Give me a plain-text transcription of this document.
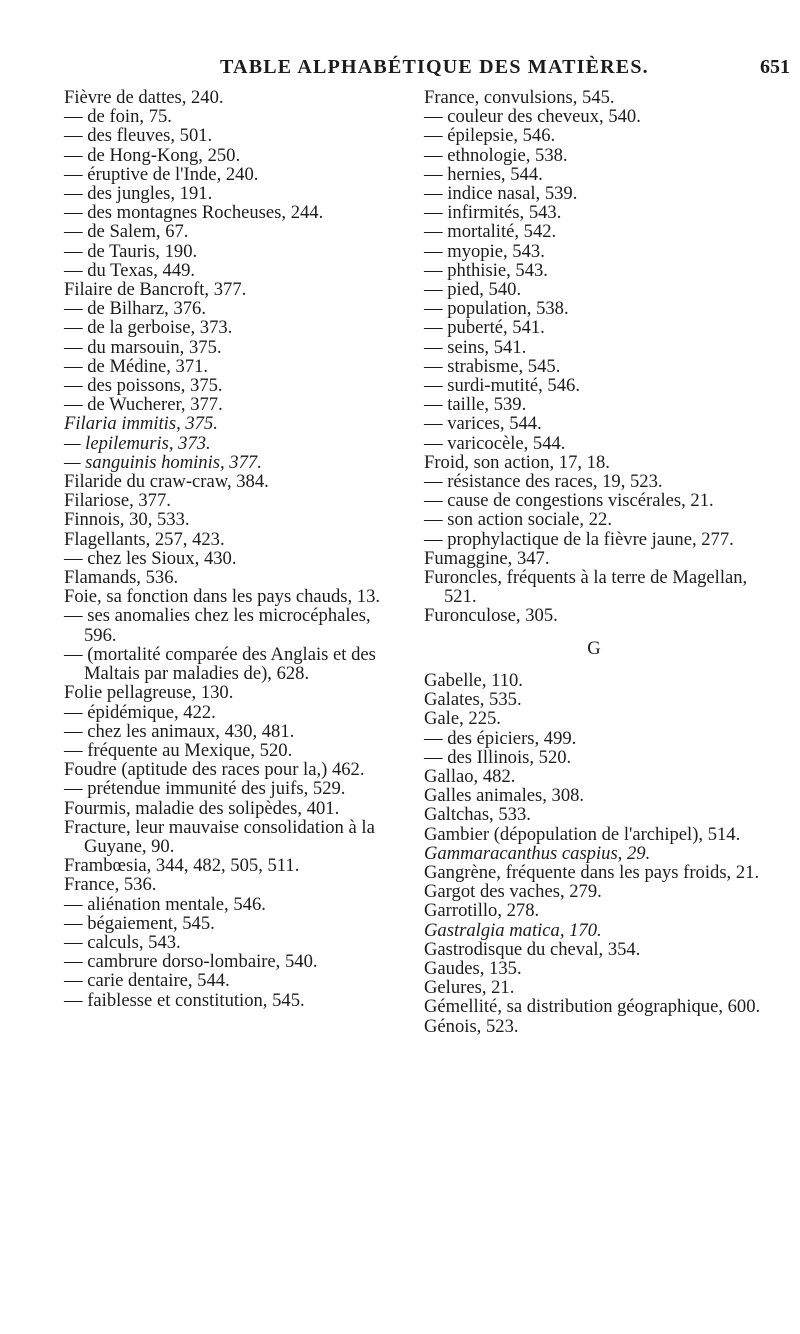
TABLE ALPHABÉTIQUE DES MATIÈRES.	651

Fièvre de dattes, 240.

— de foin, 75.

— des fleuves, 501.

— de Hong-Kong, 250.

— éruptive de l'Inde, 240.

— des jungles, 191.

— des montagnes Rocheuses, 244.

— de Salem, 67.

— de Tauris, 190.

— du Texas, 449.

Filaire de Bancroft, 377.

— de Bilharz, 376.

— de la gerboise, 373.

— du marsouin, 375.

— de Médine, 371.

— des poissons, 375.

— de Wucherer, 377.

Filaria immitis, 375.

— lepilemuris, 373.

— sanguinis hominis, 377.

Filaride du craw-craw, 384.

Filariose, 377.

Finnois, 30, 533.

Flagellants, 257, 423.

— chez les Sioux, 430.

Flamands, 536.

Foie, sa fonction dans les pays chauds, 13.

— ses anomalies chez les microcéphales, 596.

— (mortalité comparée des Anglais et des Maltais par maladies de), 628.

Folie pellagreuse, 130.

— épidémique, 422.

— chez les animaux, 430, 481.

— fréquente au Mexique, 520.

Foudre (aptitude des races pour la,) 462.

— prétendue immunité des juifs, 529.

Fourmis, maladie des solipèdes, 401.

Fracture, leur mauvaise consolidation à la Guyane, 90.

Frambœsia, 344, 482, 505, 511.

France, 536.

— aliénation mentale, 546.

— bégaiement, 545.

— calculs, 543.

— cambrure dorso-lombaire, 540.

— carie dentaire, 544.

— faiblesse et constitution, 545.

France, convulsions, 545.

— couleur des cheveux, 540.

— épilepsie, 546.

— ethnologie, 538.

— hernies, 544.

— indice nasal, 539.

— infirmités, 543.

— mortalité, 542.

— myopie, 543.

— phthisie, 543.

— pied, 540.

— population, 538.

— puberté, 541.

— seins, 541.

— strabisme, 545.

— surdi-mutité, 546.

— taille, 539.

— varices, 544.

— varicocèle, 544.

Froid, son action, 17, 18.

— résistance des races, 19, 523.

— cause de congestions viscérales, 21.

— son action sociale, 22.

— prophylactique de la fièvre jaune, 277.

Fumaggine, 347.

Furoncles, fréquents à la terre de Magellan, 521.

Furonculose, 305.

G

Gabelle, 110.

Galates, 535.

Gale, 225.

— des épiciers, 499.

— des Illinois, 520.

Gallao, 482.

Galles animales, 308.

Galtchas, 533.

Gambier (dépopulation de l'archipel), 514.

Gammaracanthus caspius, 29.

Gangrène, fréquente dans les pays froids, 21.

Gargot des vaches, 279.

Garrotillo, 278.

Gastralgia matica, 170.

Gastrodisque du cheval, 354.

Gaudes, 135.

Gelures, 21.

Gémellité, sa distribution géographique, 600.

Génois, 523.
